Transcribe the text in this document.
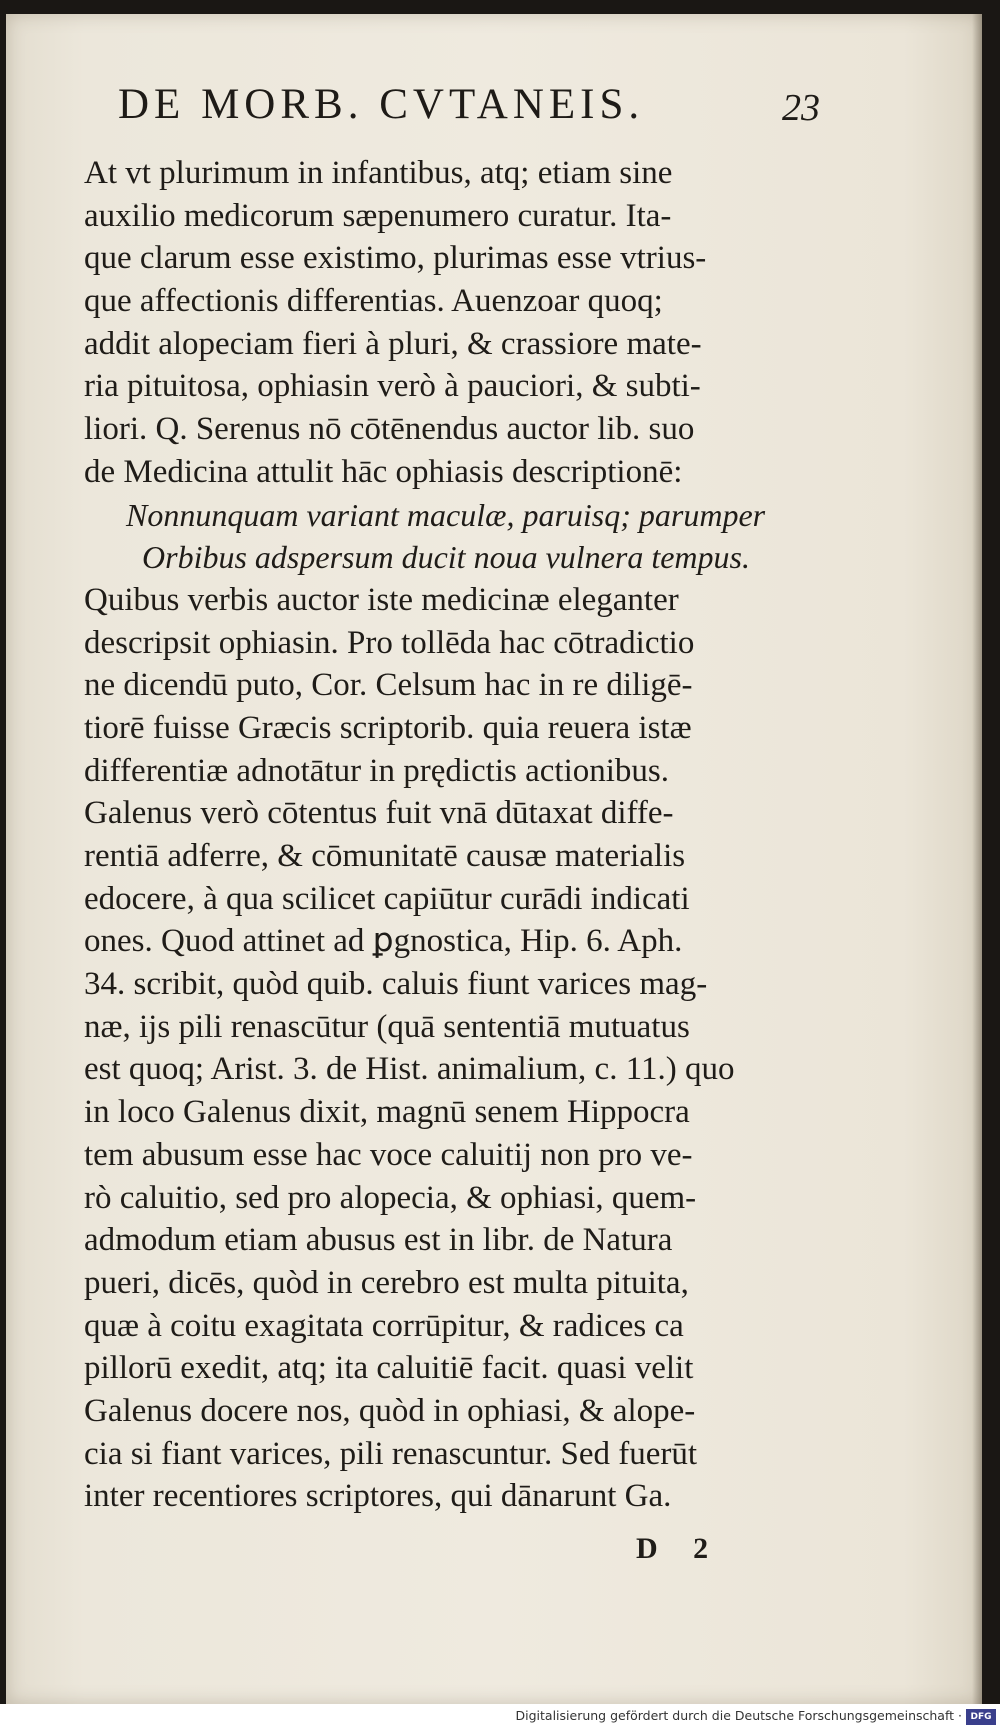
DE MORB. CVTANEIS.	23
At vt plurimum in infantibus, atq; etiam sine
auxilio medicorum sæpenumero curatur. Ita-
que clarum esse existimo, plurimas esse vtrius-
que affectionis differentias. Auenzoar quoq;
addit alopeciam fieri à pluri, & crassiore mate-
ria pituitosa, ophiasin verò à pauciori, & subti-
liori. Q. Serenus nō cōtēnendus auctor lib. suo
de Medicina attulit hāc ophiasis descriptionē:
Nonnunquam variant maculæ, paruisq; parumper
Orbibus adspersum ducit noua vulnera tempus.
Quibus verbis auctor iste medicinæ eleganter
descripsit ophiasin. Pro tollēda hac cōtradictio
ne dicendū puto, Cor. Celsum hac in re diligē-
tiorē fuisse Græcis scriptorib. quia reuera istæ
differentiæ adnotātur in prędictis actionibus.
Galenus verò cōtentus fuit vnā dūtaxat diffe-
rentiā adferre, & cōmunitatē causæ materialis
edocere, à qua scilicet capiūtur curādi indicati
ones. Quod attinet ad ꝑgnostica, Hip. 6. Aph.
34. scribit, quòd quib. caluis fiunt varices mag-
næ, ijs pili renascūtur (quā sententiā mutuatus
est quoq; Arist. 3. de Hist. animalium, c. 11.) quo
in loco Galenus dixit, magnū senem Hippocra
tem abusum esse hac voce caluitij non pro ve-
rò caluitio, sed pro alopecia, & ophiasi, quem-
admodum etiam abusus est in libr. de Natura
pueri, dicēs, quòd in cerebro est multa pituita,
quæ à coitu exagitata corrūpitur, & radices ca
pillorū exedit, atq; ita caluitiē facit. quasi velit
Galenus docere nos, quòd in ophiasi, & alope-
cia si fiant varices, pili renascuntur. Sed fuerūt
inter recentiores scriptores, qui dānarunt Ga.
D 2
Digitalisierung gefördert durch die Deutsche Forschungsgemeinschaft · DFG
